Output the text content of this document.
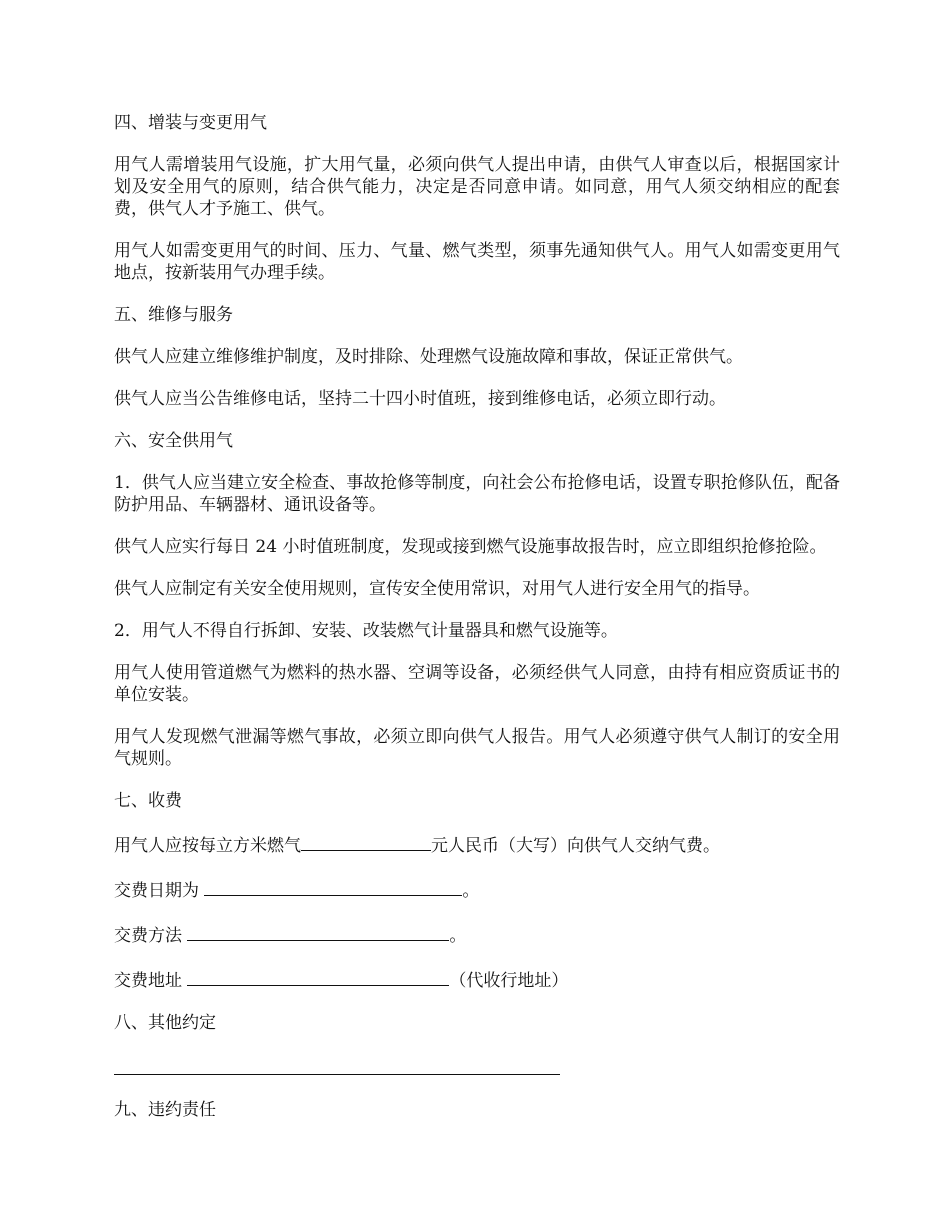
四、增装与变更用气

用气人需增装用气设施，扩大用气量，必须向供气人提出申请，由供气人审查以后，根据国家计划及安全用气的原则，结合供气能力，决定是否同意申请。如同意，用气人须交纳相应的配套费，供气人才予施工、供气。

用气人如需变更用气的时间、压力、气量、燃气类型，须事先通知供气人。用气人如需变更用气地点，按新装用气办理手续。

五、维修与服务

供气人应建立维修维护制度，及时排除、处理燃气设施故障和事故，保证正常供气。

供气人应当公告维修电话，坚持二十四小时值班，接到维修电话，必须立即行动。

六、安全供用气

1．供气人应当建立安全检查、事故抢修等制度，向社会公布抢修电话，设置专职抢修队伍，配备防护用品、车辆器材、通讯设备等。

供气人应实行每日 24 小时值班制度，发现或接到燃气设施事故报告时，应立即组织抢修抢险。

供气人应制定有关安全使用规则，宣传安全使用常识，对用气人进行安全用气的指导。

2．用气人不得自行拆卸、安装、改装燃气计量器具和燃气设施等。

用气人使用管道燃气为燃料的热水器、空调等设备，必须经供气人同意，由持有相应资质证书的单位安装。

用气人发现燃气泄漏等燃气事故，必须立即向供气人报告。用气人必须遵守供气人制订的安全用气规则。

七、收费

用气人应按每立方米燃气	元人民币（大写）向供气人交纳气费。

交费日期为	。

交费方法	。

交费地址	（代收行地址）

八、其他约定

九、违约责任
